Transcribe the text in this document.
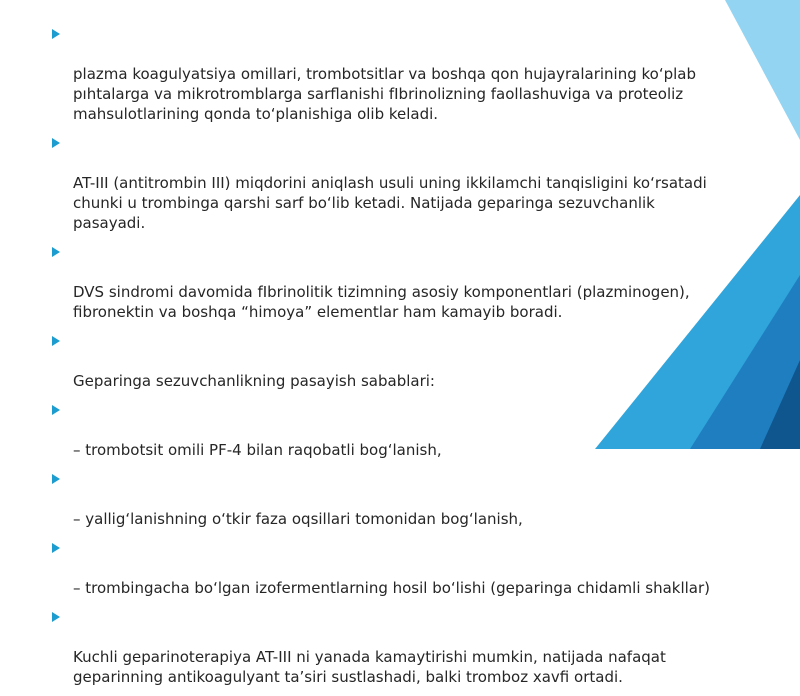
plazma koagulyatsiya omillari, trombotsitlar va boshqa qon hujayralarining ko‘plab
pıhtalarga va mikrotromblarga sarflanishi fIbrinolizning faollashuviga va proteoliz
mahsulotlarining qonda to‘planishiga olib keladi.

AT-III (antitrombin III) miqdorini aniqlash usuli uning ikkilamchi tanqisligini ko‘rsatadi
chunki u trombinga qarshi sarf bo‘lib ketadi. Natijada geparinga sezuvchanlik
pasayadi.

DVS sindromi davomida fIbrinolitik tizimning asosiy komponentlari (plazminogen),
fibronektin va boshqa “himoya” elementlar ham kamayib boradi.

Geparinga sezuvchanlikning pasayish sabablari:

– trombotsit omili PF-4 bilan raqobatli bog‘lanish,

– yallig‘lanishning o‘tkir faza oqsillari tomonidan bog‘lanish,

– trombingacha bo‘lgan izofermentlarning hosil bo‘lishi (geparinga chidamli shakllar)

Kuchli geparinoterapiya AT-III ni yanada kamaytirishi mumkin, natijada nafaqat
geparinning antikoagulyant ta’siri sustlashadi, balki tromboz xavfi ortadi.
